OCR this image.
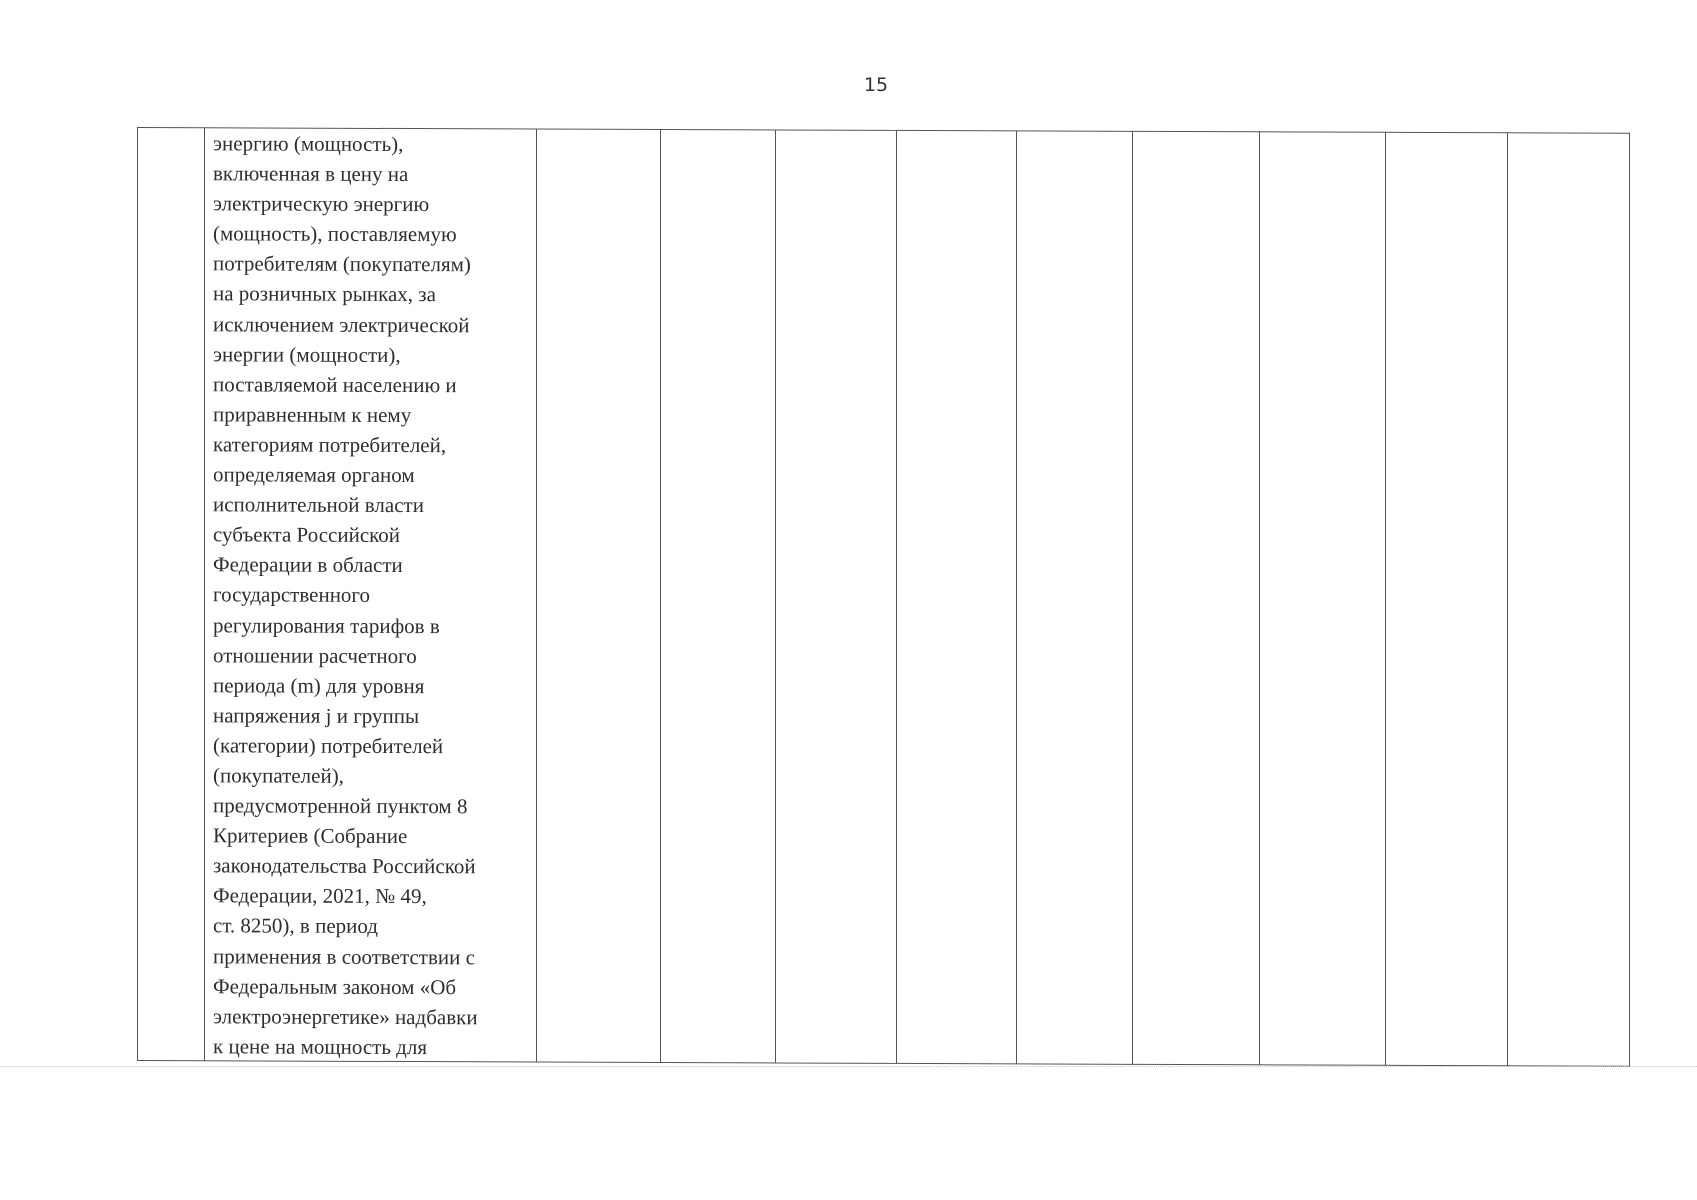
15

энергию (мощность),
включенная в цену на
электрическую энергию
(мощность), поставляемую
потребителям (покупателям)
на розничных рынках, за
исключением электрической
энергии (мощности),
поставляемой населению и
приравненным к нему
категориям потребителей,
определяемая органом
исполнительной власти
субъекта Российской
Федерации в области
государственного
регулирования тарифов в
отношении расчетного
периода (m) для уровня
напряжения j и группы
(категории) потребителей
(покупателей),
предусмотренной пунктом 8
Критериев (Собрание
законодательства Российской
Федерации, 2021, № 49,
ст. 8250), в период
применения в соответствии с
Федеральным законом «Об
электроэнергетике» надбавки
к цене на мощность для
